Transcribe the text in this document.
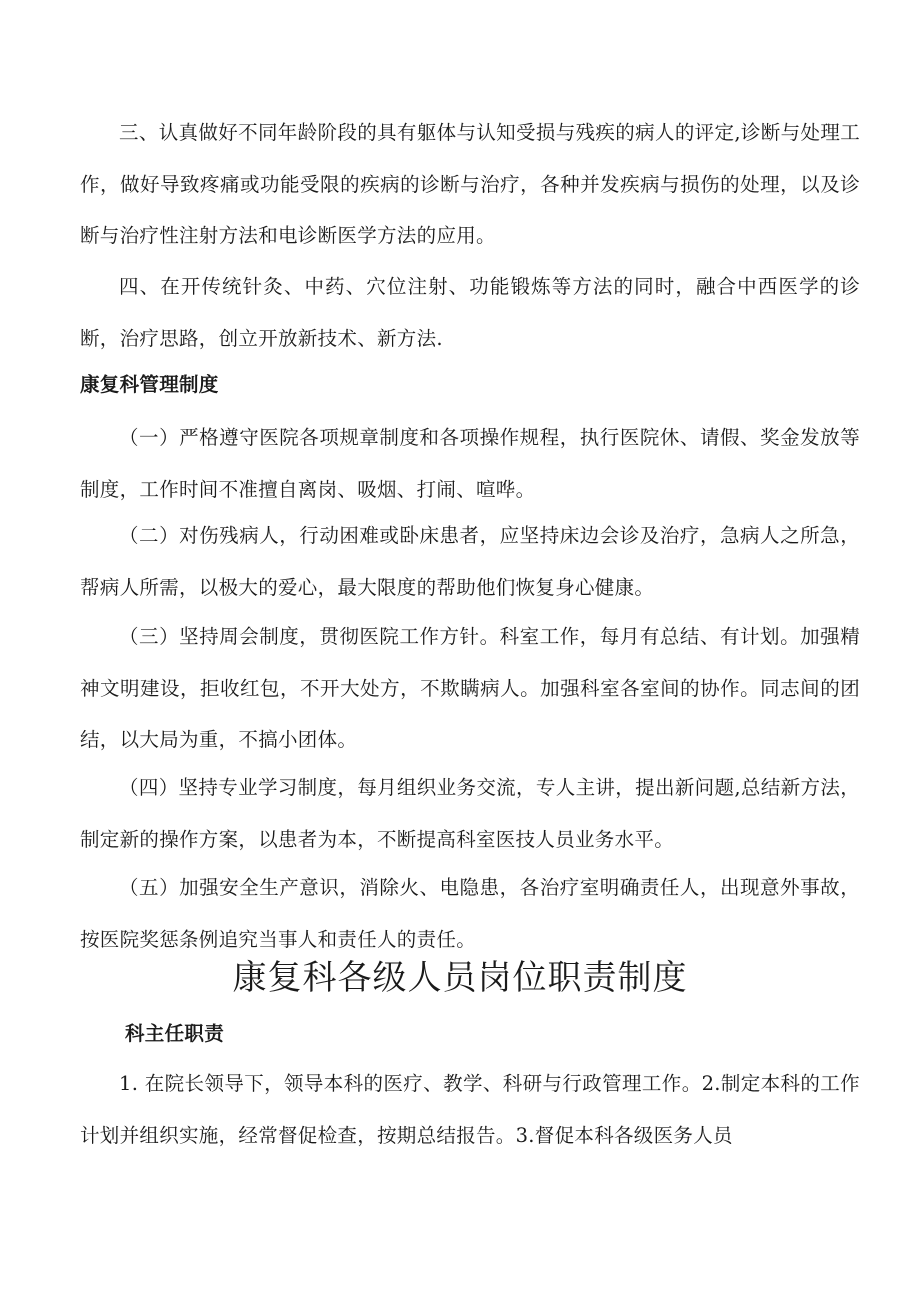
三、认真做好不同年龄阶段的具有躯体与认知受损与残疾的病人的评定,诊断与处理工作，做好导致疼痛或功能受限的疾病的诊断与治疗，各种并发疾病与损伤的处理，以及诊断与治疗性注射方法和电诊断医学方法的应用。

四、在开传统针灸、中药、穴位注射、功能锻炼等方法的同时，融合中西医学的诊断，治疗思路，创立开放新技术、新方法.

康复科管理制度

（一）严格遵守医院各项规章制度和各项操作规程，执行医院休、请假、奖金发放等制度，工作时间不准擅自离岗、吸烟、打闹、喧哗。

（二）对伤残病人，行动困难或卧床患者，应坚持床边会诊及治疗，急病人之所急，帮病人所需，以极大的爱心，最大限度的帮助他们恢复身心健康。

（三）坚持周会制度，贯彻医院工作方针。科室工作，每月有总结、有计划。加强精神文明建设，拒收红包，不开大处方，不欺瞒病人。加强科室各室间的协作。同志间的团结，以大局为重，不搞小团体。

（四）坚持专业学习制度，每月组织业务交流，专人主讲，提出新问题,总结新方法，制定新的操作方案，以患者为本，不断提高科室医技人员业务水平。

（五）加强安全生产意识，消除火、电隐患，各治疗室明确责任人，出现意外事故，按医院奖惩条例追究当事人和责任人的责任。

康复科各级人员岗位职责制度
科主任职责

1. 在院长领导下，领导本科的医疗、教学、科研与行政管理工作。2.制定本科的工作计划并组织实施，经常督促检查，按期总结报告。3.督促本科各级医务人员
